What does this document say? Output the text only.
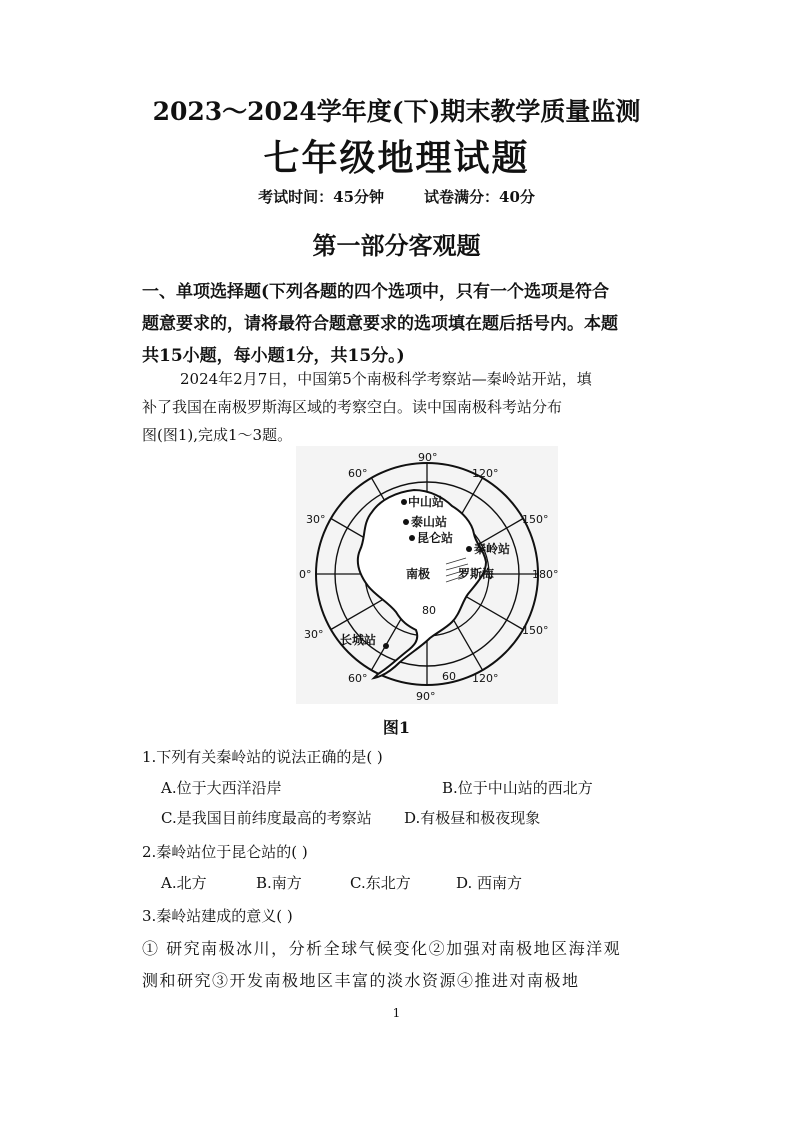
2023～2024学年度(下)期末教学质量监测
七年级地理试题
考试时间：45分钟	试卷满分：40分
第一部分客观题
一、单项选择题(下列各题的四个选项中，只有一个选项是符合
题意要求的，请将最符合题意要求的选项填在题后括号内。本题
共15小题，每小题1分，共15分。)
2024年2月7日，中国第5个南极科学考察站—秦岭站开站，填
补了我国在南极罗斯海区域的考察空白。读中国南极科考站分布
图(图1),完成1～3题。
中山站
泰山站
昆仑站
秦岭站
长城站
南极 罗斯海
90°
60°	120°
30°	150°
0°	180°
30°	150°
60°	60 120°
90°
80
图1
1.下列有关秦岭站的说法正确的是( )
A.位于大西洋沿岸	B.位于中山站的西北方
C.是我国目前纬度最高的考察站 D.有极昼和极夜现象
2.秦岭站位于昆仑站的( )
A.北方	B.南方	C.东北方	D. 西南方
3.秦岭站建成的意义( )
① 研究南极冰川，分析全球气候变化②加强对南极地区海洋观
测和研究③开发南极地区丰富的淡水资源④推进对南极地
1
